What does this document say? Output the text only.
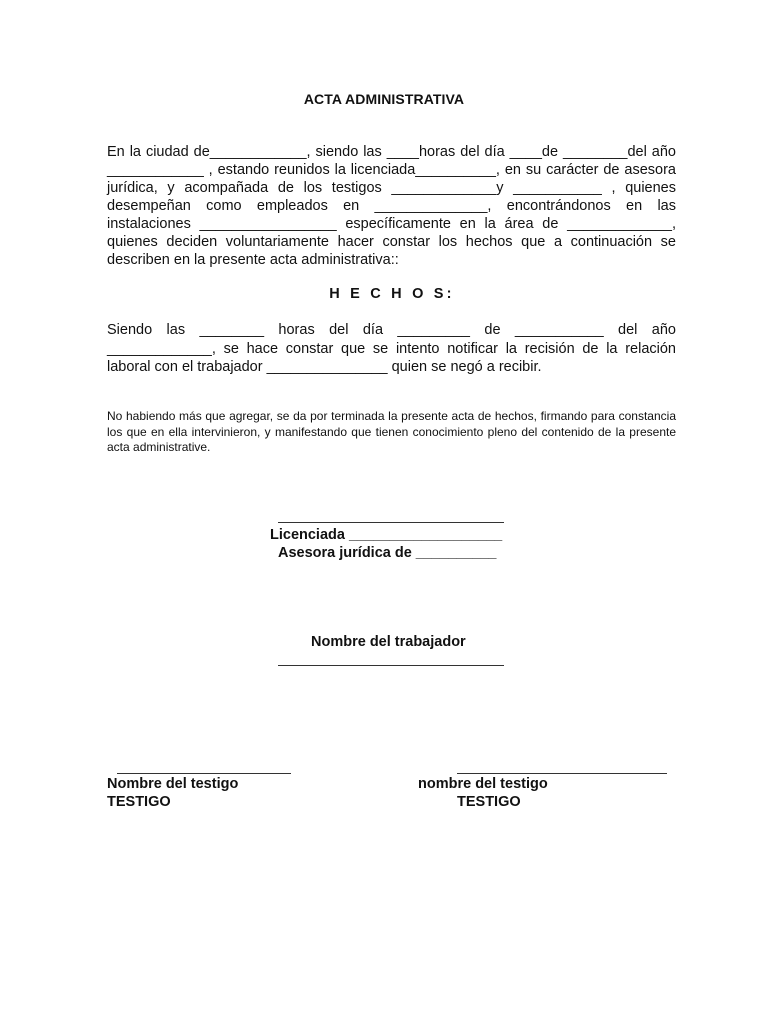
ACTA ADMINISTRATIVA
En la ciudad de____________, siendo las ____horas del día ____de ________del año ____________ , estando reunidos la licenciada__________, en su carácter de asesora jurídica, y acompañada de los testigos _____________y ___________ , quienes desempeñan como empleados en ______________, encontrándonos en las instalaciones _________________ específicamente en la área de _____________, quienes deciden voluntariamente hacer constar los hechos que a continuación se describen en la presente acta administrativa::
H E C H O S:
Siendo las ________ horas del día _________ de ___________ del año _____________, se hace constar que se intento notificar la recisión de la relación laboral con el trabajador _______________ quien se negó a recibir.
No habiendo más que agregar, se da por terminada la presente acta de hechos, firmando para constancia los que en ella intervinieron, y manifestando que tienen conocimiento pleno del contenido de la presente acta administrative.
Licenciada ___________________
Asesora jurídica de __________
Nombre del trabajador
Nombre del testigo
TESTIGO
nombre del testigo
TESTIGO
